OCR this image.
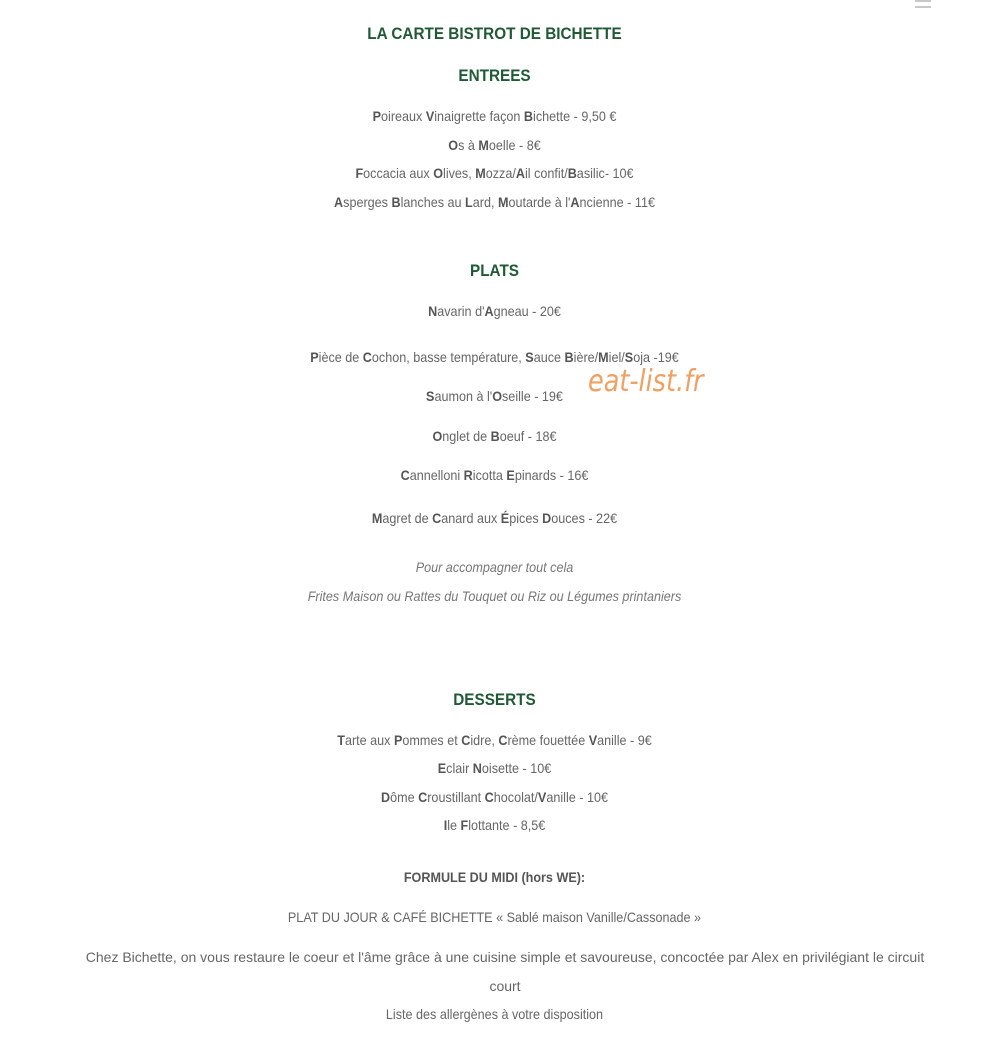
LA CARTE BISTROT DE BICHETTE
ENTREES
Poireaux Vinaigrette façon Bichette - 9,50 €
Os à Moelle - 8€
Foccacia aux Olives, Mozza/Ail confit/Basilic- 10€
Asperges Blanches au Lard, Moutarde à l'Ancienne - 11€
PLATS
Navarin d'Agneau - 20€
Pièce de Cochon, basse température, Sauce Bière/Miel/Soja -19€
Saumon à l'Oseille - 19€
Onglet de Boeuf - 18€
Cannelloni Ricotta Epinards - 16€
Magret de Canard aux Épices Douces - 22€
eat-list.fr
Pour accompagner tout cela
Frites Maison ou Rattes du Touquet ou Riz ou Légumes printaniers
DESSERTS
Tarte aux Pommes et Cidre, Crème fouettée Vanille - 9€
Eclair Noisette - 10€
Dôme Croustillant Chocolat/Vanille - 10€
Ile Flottante - 8,5€
FORMULE DU MIDI (hors WE):
PLAT DU JOUR & CAFÉ BICHETTE « Sablé maison Vanille/Cassonade »
Chez Bichette, on vous restaure le coeur et l'âme grâce à une cuisine simple et savoureuse, concoctée par Alex en privilégiant le circuit court
Liste des allergènes à votre disposition
